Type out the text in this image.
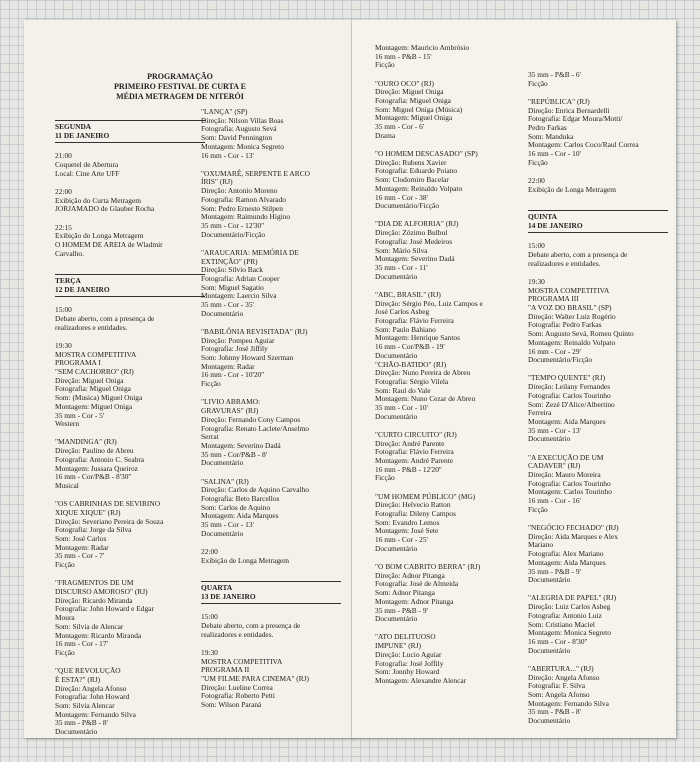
PROGRAMAÇÃO
PRIMEIRO FESTIVAL DE CURTA E
MÉDIA METRAGEM DE NITERÓI
SEGUNDA
11 DE JANEIRO
21:00
Coquetel de Abertura
Local: Cine Arte UFF
22:00
Exibição do Curta Metragem
JORJAMADO de Glauber Rocha
22:15
Exibição do Longa Metragem
O HOMEM DE AREIA de Wladmir
Carvalho.
TERÇA
12 DE JANEIRO
15:00
Debate aberto, com a presença de
realizadores e entidades.
19:30
MOSTRA COMPETITIVA
PROGRAMA I
"SEM CACHORRO" (RJ)
Direção: Miguel Oniga
Fotografia: Miguel Oniga
Som: (Musica) Miguel Oniga
Montagem: Miguel Oniga
35 mm - Cor - 5'
Western
"MANDINGA" (RJ)
Direção: Paulino de Abreu
Fotografia: Antonio C. Seabra
Montagem: Jussara Queiroz
16 mm - Cor/P&B - 8'30''
Musical
"OS CABRINHAS DE SEVIRINO
XIQUE XIQUE" (RJ)
Direção: Severiano Pereira de Souza
Fotografia: Jorge da Silva
Som: José Carlos
Montagem: Radar
35 mm - Cor - 7'
Ficção
"FRAGMENTOS DE UM
DISCURSO AMOROSO" (RJ)
Direção: Ricardo Miranda
Fotografia: John Howard e Edgar
Moura
Som: Silvia de Alencar
Montagem: Ricardo Miranda
16 mm - Cor - 17'
Ficção
"QUE REVOLUÇÃO
É ESTA?" (RJ)
Direção: Angela Afonso
Fotografia: John Howard
Som: Silvia Alencar
Montagem: Fernando Silva
35 mm - P&B - 8'
Documentário
"LANÇA" (SP)
Direção: Nilson Villas Boas
Fotografia: Augusto Sevá
Som: David Pennington
Montagem: Monica Segreto
16 mm - Cor - 13'
"OXUMARÊ, SERPENTE E ARCO
ÍRIS" (RJ)
Direção: Antonio Moreno
Fotografia: Ramon Alvarado
Som: Pedro Ernesto Stilpen
Montagem: Raimundo Higino
35 mm - Cor - 12'30''
Documentário/Ficção
"ARAUCARIA: MEMÓRIA DE
EXTINÇÃO" (PR)
Direção: Silvio Back
Fotografia: Adrian Cooper
Som: Miguel Sagatio
Montagem: Laercio Silva
35 mm - Cor - 35'
Documentário
"BABILÔNIA REVISITADA" (RJ)
Direção: Pompeu Aguiar
Fotografia: José Jiffily
Som: Johnny Howard Szerman
Montagem: Radar
16 mm - Cor - 10'20''
Ficção
"LIVIO ABRAMO:
GRAVURAS" (RJ)
Direção: Fernando Cony Campos
Fotografia: Renato Laclete/Anselmo
Serrat
Montagem: Severino Dadá
35 mm - Cor/P&B - 8'
Documentário
"SALINA" (RJ)
Direção: Carlos de Aquino Carvalho
Fotografia: Beto Barcellos
Som: Carlos de Aquino
Montagem: Aida Marques
35 mm - Cor - 13'
Documentário
22:00
Exibição de Longa Metragem
QUARTA
13 DE JANEIRO
15:00
Debate aberto, com a presença de
realizadores e entidades.
19:30
MOSTRA COMPETITIVA
PROGRAMA II
"UM FILME PARA CINEMA" (RJ)
Direção: Lueline Correa
Fotografia: Roberto Petti
Som: Wilson Paraná
Montagem: Mauricio Ambrósio
16 mm - P&B - 15'
Ficção
"OURO OCO" (RJ)
Direção: Miguel Oniga
Fotografia: Miguel Oniga
Som: Miguel Oniga (Música)
Montagem: Miguel Oniga
35 mm - Cor - 6'
Drama
"O HOMEM DESCASADO" (SP)
Direção: Rubens Xavier
Fotografia: Eduardo Poiano
Som: Clodomiro Bacelar
Montagem: Reinaldo Volpato
16 mm - Cor - 38'
Documentário/Ficção
"DIA DE ALFORRIA" (RJ)
Direção: Zózimo Bulbul
Fotografia: José Medeiros
Som: Mário Silva
Montagem: Severino Dadá
35 mm - Cor - 11'
Documentário
"ABC, BRASIL" (RJ)
Direção: Sérgio Péo, Luiz Campos e
José Carlos Asbeg
Fotografia: Flávio Ferreira
Som: Paulo Bahiano
Montagem: Henrique Santos
16 mm - Cor/P&B - 19'
Documentário
"CHÃO-BATIDO" (RJ)
Direção: Nuno Pereira de Abreu
Fotografia: Sérgio Vilela
Som: Raul do Vale
Montagem: Nuno Cezar de Abreu
35 mm - Cor - 10'
Documentário
"CURTO CIRCUITO" (RJ)
Direção: André Parente
Fotografia: Flávio Ferreira
Montagem: André Parente
16 mm - P&B - 12'20''
Ficção
"UM HOMEM PÚBLICO" (MG)
Direção: Helvecio Ratton
Fotografia: Dileny Campos
Som: Evandro Lemos
Montagem: José Sete
16 mm - Cor - 25'
Documentário
"O BOM CABRITO BERRA" (RJ)
Direção: Adnor Pitanga
Fotografia: José de Almeida
Som: Adnor Pitanga
Montagem: Adnor Pitanga
35 mm - P&B - 9'
Documentário
"ATO DELITUOSO
IMPUNE" (RJ)
Direção: Lucio Aguiar
Fotografia: José Joffily
Som: Jonnhy Howard
Montagem: Alexandre Alencar
35 mm - P&B - 6'
Ficção
"REPÚBLICA" (RJ)
Direção: Enrica Bernardelli
Fotografia: Edgar Moura/Motti/
Pedro Farkas
Som: Manduka
Montagem: Carlos Coco/Raul Correa
16 mm - Cor - 10'
Ficção
22:00
Exibição de Longa Metragem
QUINTA
14 DE JANEIRO
15:00
Debate aberto, com a presença de
realizadores e entidades.
19:30
MOSTRA COMPETITIVA
PROGRAMA III
"A VOZ DO BRASIL" (SP)
Direção: Walter Luiz Rogério
Fotografia: Pedro Farkas
Som: Augusto Sevá, Romeu Quinto
Montagem: Reinaldo Volpato
16 mm - Cor - 29'
Documentário/Ficção
"TEMPO QUENTE" (RJ)
Direção: Leilany Fernandes
Fotografia: Carlos Tourinho
Som: Zezé D'Alice/Albertino
Ferreira
Montagem: Aida Marques
35 mm - Cor - 13'
Documentário
"A EXECUÇÃO DE UM
CADAVER" (RJ)
Direção: Mauro Moreira
Fotografia: Carlos Tourinho
Montagem: Carlos Tourinho
16 mm - Cor - 16'
Ficção
"NEGÓCIO FECHADO" (RJ)
Direção: Aida Marques e Alex
Mariano
Fotografia: Alex Mariano
Montagem: Aida Marques
35 mm - P&B - 9'
Documentário
"ALEGRIA DE PAPEL" (RJ)
Direção: Luiz Carlos Asbeg
Fotografia: Antonio Luiz
Som: Cristiano Maciel
Montagem: Monica Segreto
16 mm - Cor - 8'30''
Documentário
"ABERTURA..." (RJ)
Direção: Angela Afonso
Fotografia: F. Silva
Som: Angela Afonso
Montagem: Fernando Silva
35 mm - P&B - 8'
Documentário
